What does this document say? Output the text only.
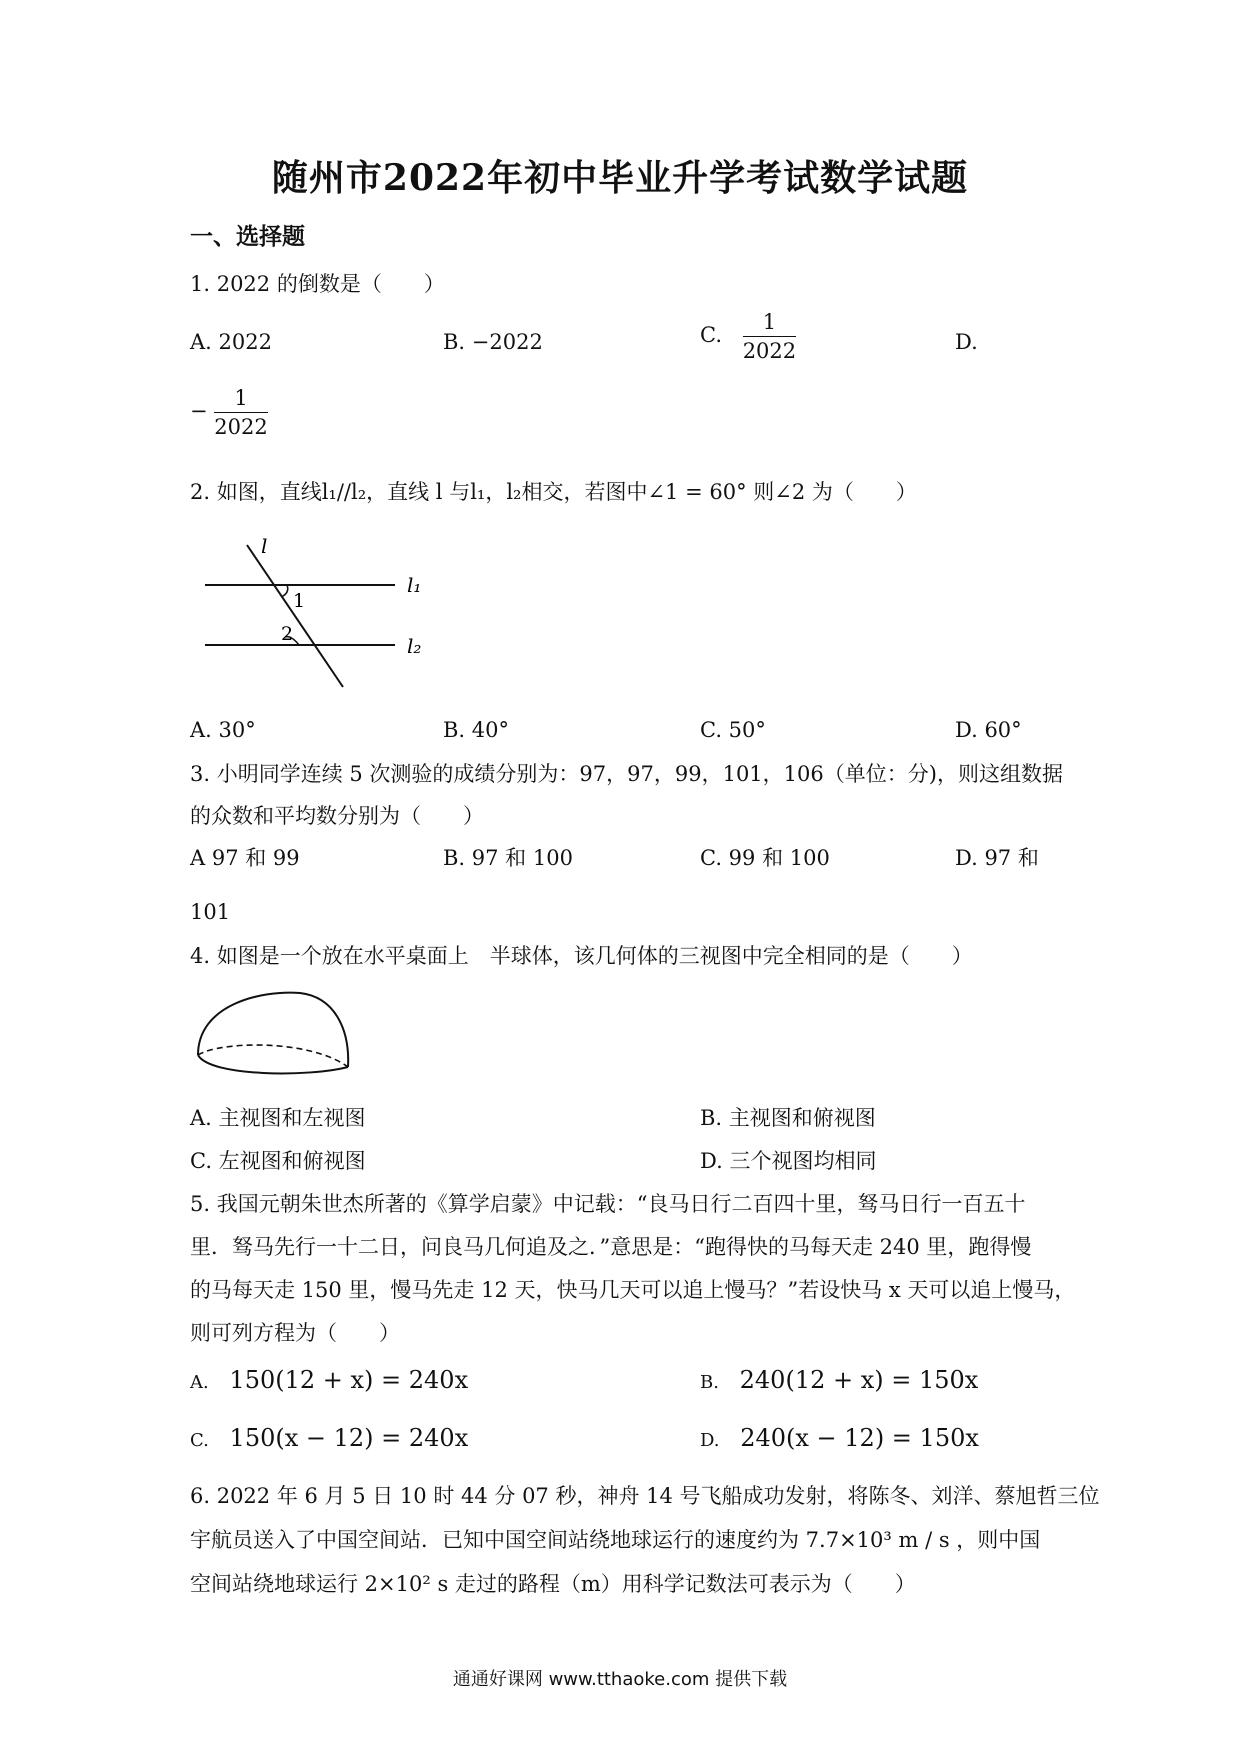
随州市2022年初中毕业升学考试数学试题
一、选择题
1. 2022 的倒数是（　　）
A. 2022	B. −2022	C. $\frac{1}{2022}$	D.
− $\frac{1}{2022}$
2. 如图，直线l₁//l₂，直线 l 与l₁，l₂相交，若图中∠1 = 60° 则∠2 为（　　）
l
l₁
l₂
1
2
A. 30°	B. 40°	C. 50°	D. 60°
3. 小明同学连续 5 次测验的成绩分别为：97，97，99，101，106（单位：分)，则这组数据
的众数和平均数分别为（　　）
A 97 和 99	B. 97 和 100	C. 99 和 100	D. 97 和
101
4. 如图是一个放在水平桌面上　半球体，该几何体的三视图中完全相同的是（　　）
A. 主视图和左视图	B. 主视图和俯视图
C. 左视图和俯视图	D. 三个视图均相同
5. 我国元朝朱世杰所著的《算学启蒙》中记载：“良马日行二百四十里，驽马日行一百五十
里．驽马先行一十二日，问良马几何追及之．”意思是：“跑得快的马每天走 240 里，跑得慢
的马每天走 150 里，慢马先走 12 天，快马几天可以追上慢马？”若设快马 x 天可以追上慢马，
则可列方程为（　　）
A. 150(12 + x) = 240x	B. 240(12 + x) = 150x
C. 150(x − 12) = 240x	D. 240(x − 12) = 150x
6. 2022 年 6 月 5 日 10 时 44 分 07 秒，神舟 14 号飞船成功发射，将陈冬、刘洋、蔡旭哲三位
宇航员送入了中国空间站．已知中国空间站绕地球运行的速度约为 7.7×10³ m / s ，则中国
空间站绕地球运行 2×10² s 走过的路程（m）用科学记数法可表示为（　　）
通通好课网 www.tthaoke.com 提供下载
